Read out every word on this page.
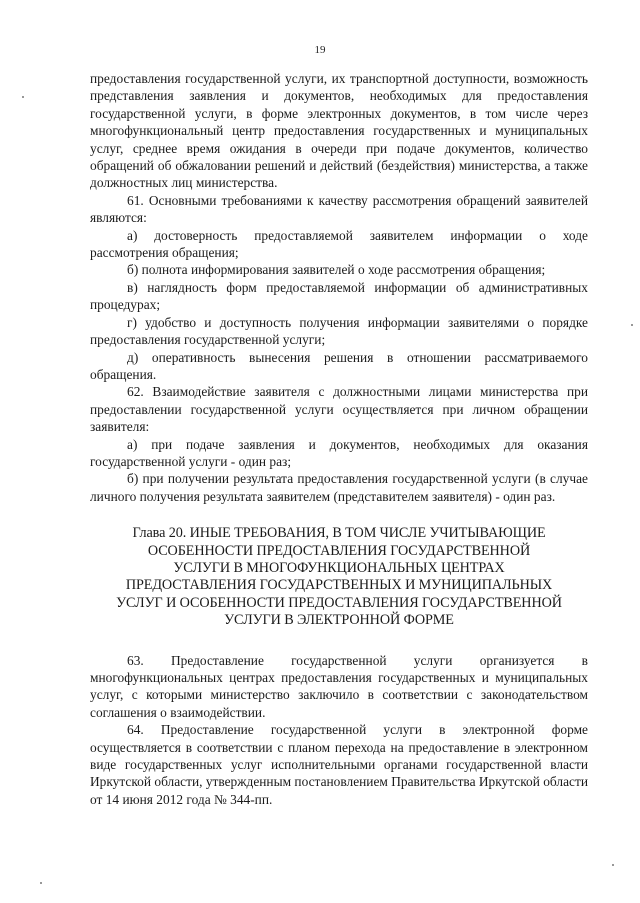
19

предоставления государственной услуги, их транспортной доступности, возможность представления заявления и документов, необходимых для предоставления государственной услуги, в форме электронных документов, в том числе через многофункциональный центр предоставления государственных и муниципальных услуг, среднее время ожидания в очереди при подаче документов, количество обращений об обжаловании решений и действий (бездействия) министерства, а также должностных лиц министерства.

61. Основными требованиями к качеству рассмотрения обращений заявителей являются:

а) достоверность предоставляемой заявителем информации о ходе рассмотрения обращения;

б) полнота информирования заявителей о ходе рассмотрения обращения;

в) наглядность форм предоставляемой информации об административных процедурах;

г) удобство и доступность получения информации заявителями о порядке предоставления государственной услуги;

д) оперативность вынесения решения в отношении рассматриваемого обращения.

62. Взаимодействие заявителя с должностными лицами министерства при предоставлении государственной услуги осуществляется при личном обращении заявителя:

а) при подаче заявления и документов, необходимых для оказания государственной услуги - один раз;

б) при получении результата предоставления государственной услуги (в случае личного получения результата заявителем (представителем заявителя) - один раз.

Глава 20. ИНЫЕ ТРЕБОВАНИЯ, В ТОМ ЧИСЛЕ УЧИТЫВАЮЩИЕ
ОСОБЕННОСТИ ПРЕДОСТАВЛЕНИЯ ГОСУДАРСТВЕННОЙ
УСЛУГИ В МНОГОФУНКЦИОНАЛЬНЫХ ЦЕНТРАХ
ПРЕДОСТАВЛЕНИЯ ГОСУДАРСТВЕННЫХ И МУНИЦИПАЛЬНЫХ
УСЛУГ И ОСОБЕННОСТИ ПРЕДОСТАВЛЕНИЯ ГОСУДАРСТВЕННОЙ
УСЛУГИ В ЭЛЕКТРОННОЙ ФОРМЕ

63. Предоставление государственной услуги организуется в многофункциональных центрах предоставления государственных и муниципальных услуг, с которыми министерство заключило в соответствии с законодательством соглашения о взаимодействии.

64. Предоставление государственной услуги в электронной форме осуществляется в соответствии с планом перехода на предоставление в электронном виде государственных услуг исполнительными органами государственной власти Иркутской области, утвержденным постановлением Правительства Иркутской области от 14 июня 2012 года № 344-пп.
